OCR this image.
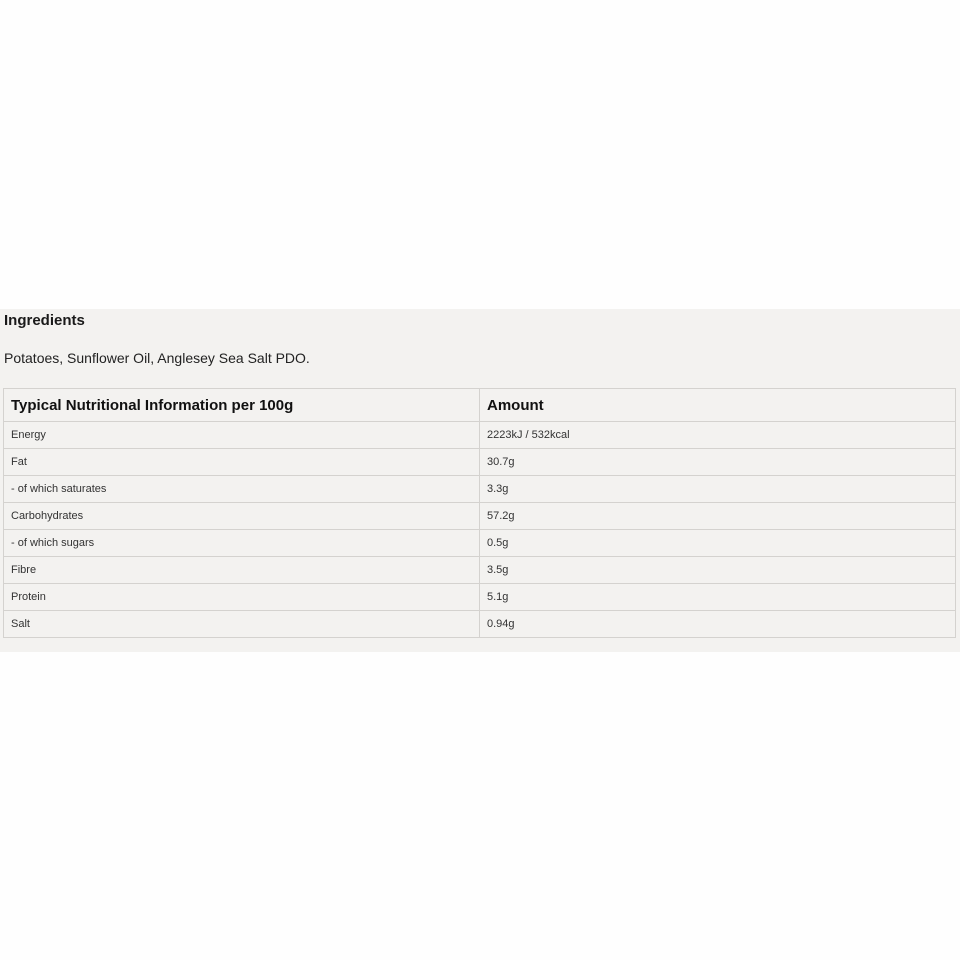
Ingredients

Potatoes, Sunflower Oil, Anglesey Sea Salt PDO.

Typical Nutritional Information per 100g	Amount
Energy	2223kJ / 532kcal
Fat	30.7g
- of which saturates	3.3g
Carbohydrates	57.2g
- of which sugars	0.5g
Fibre	3.5g
Protein	5.1g
Salt	0.94g
